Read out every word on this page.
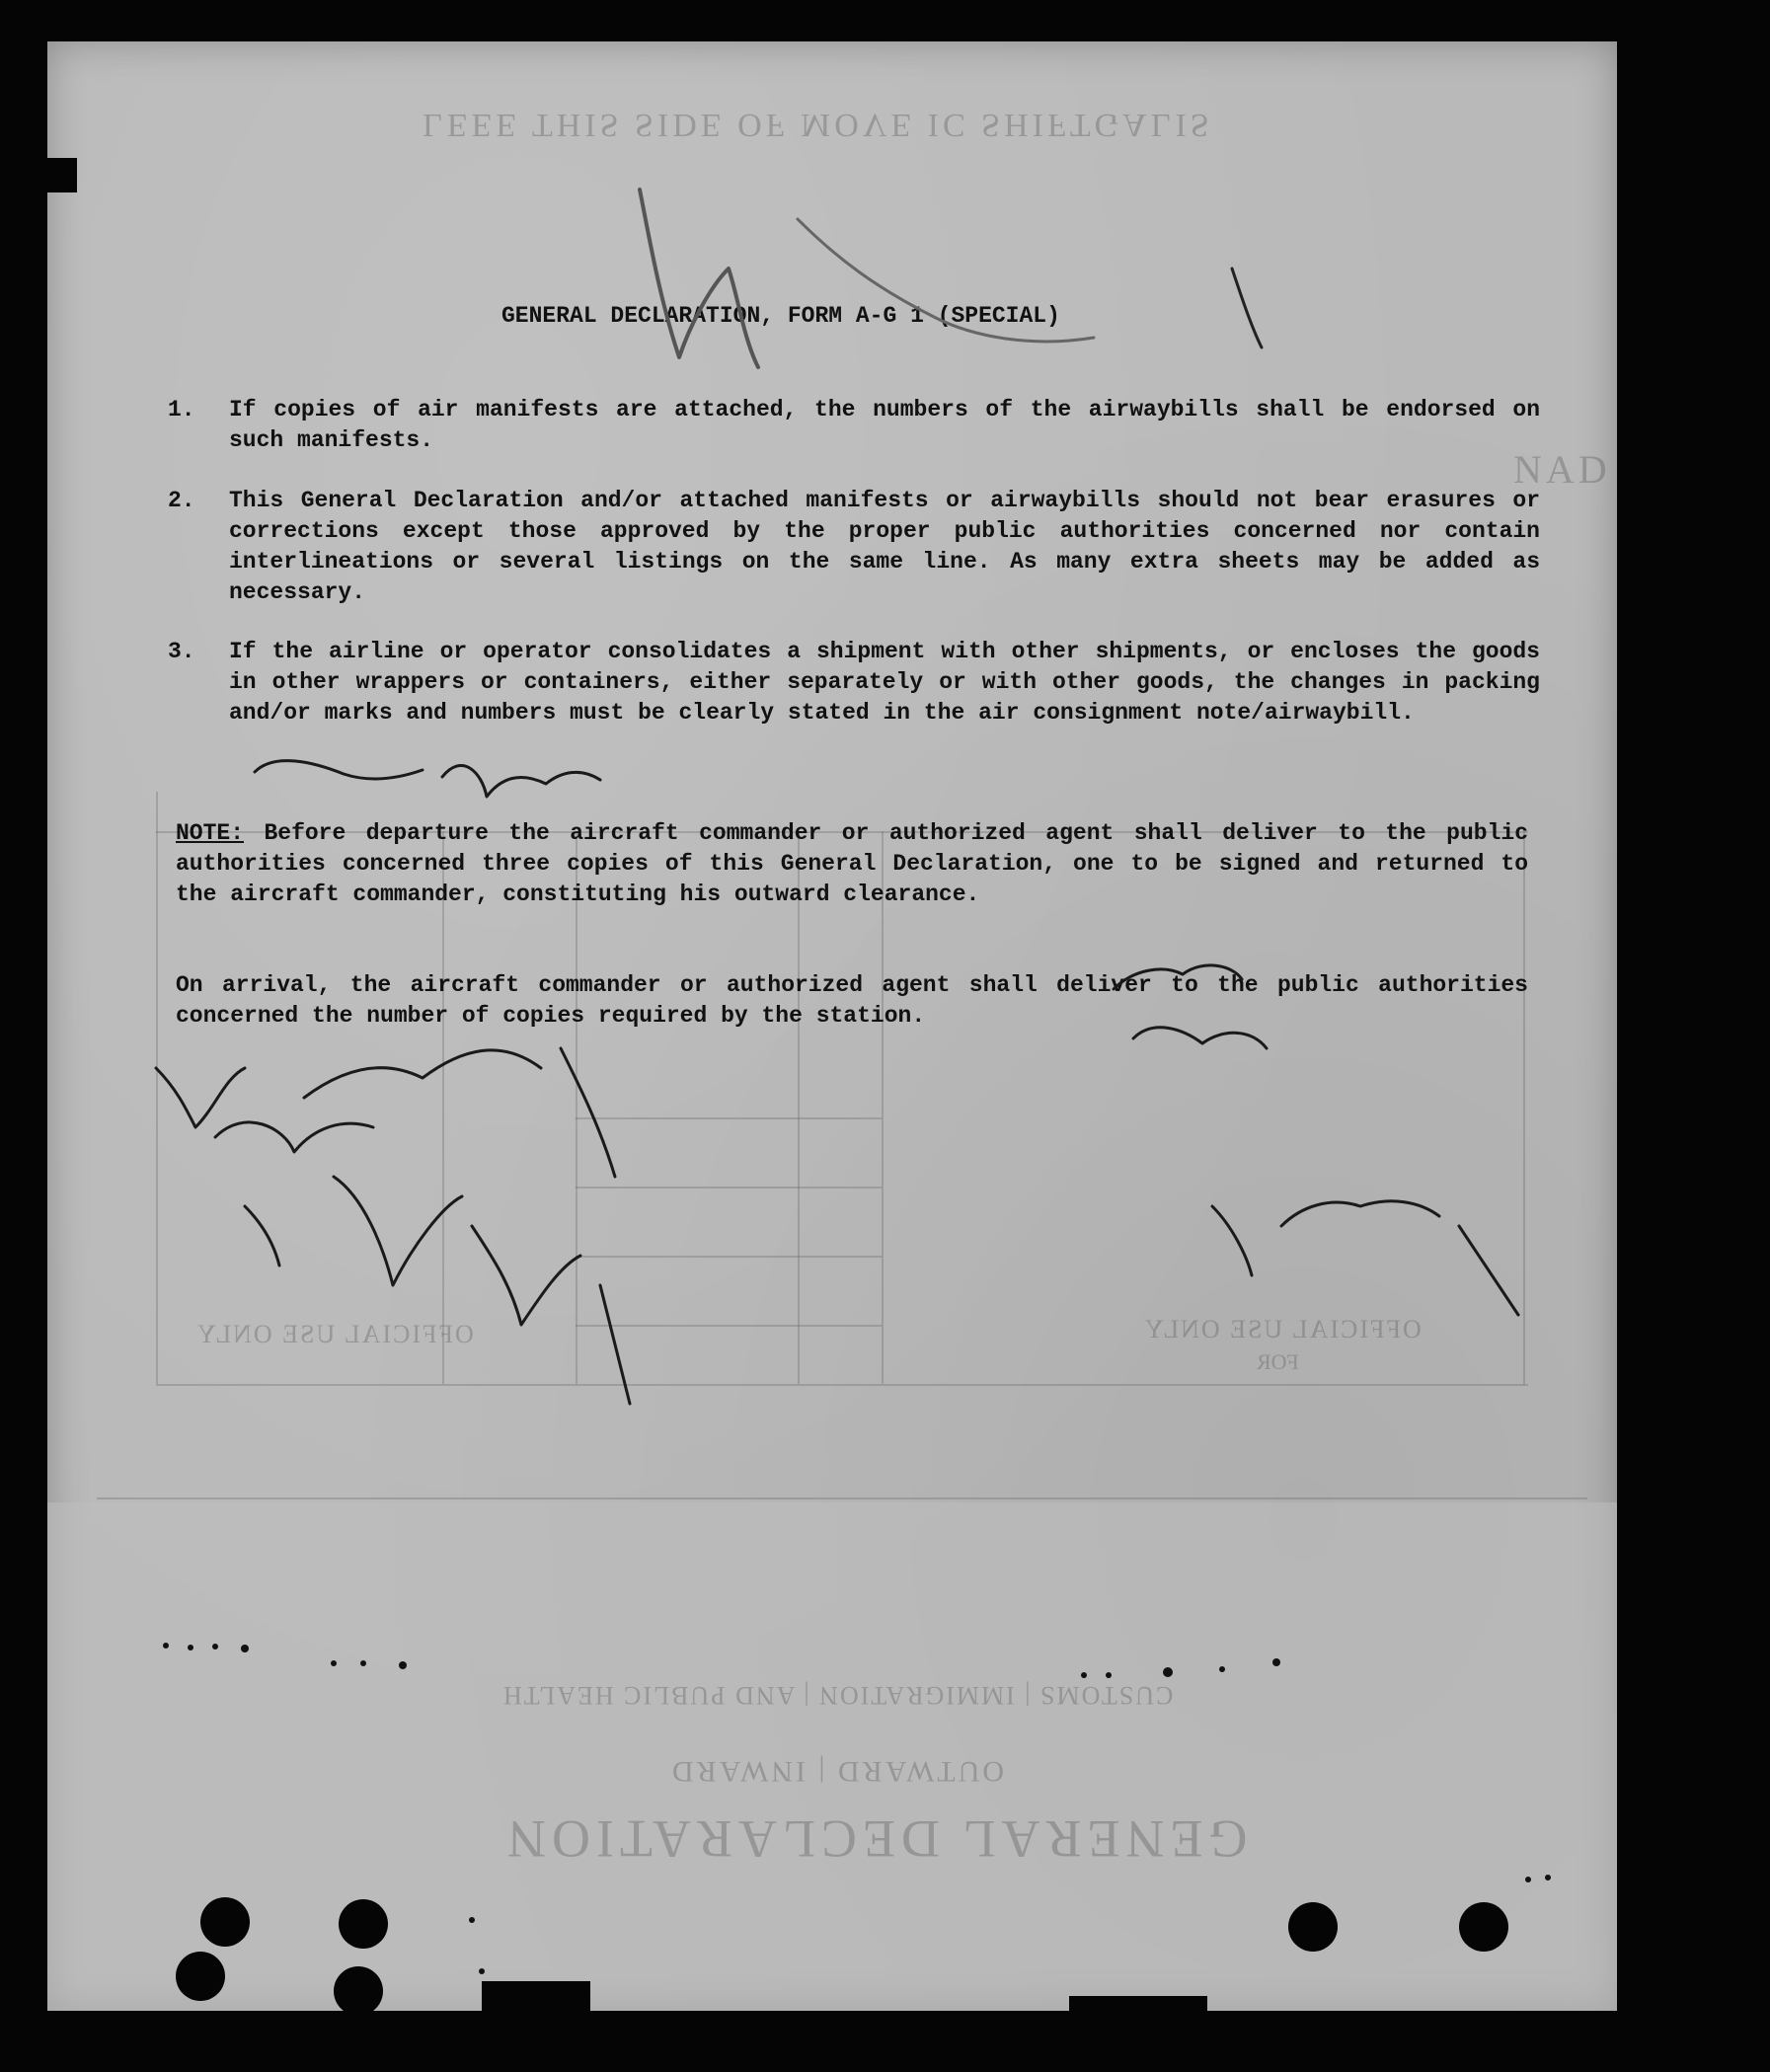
LEEE THIS SIDE OF MOVE IC SHIFTGALIS
NAD
OFFICIAL USE ONLY	OFFICIAL USE ONLY
FOR
CUSTOMS | IMMIGRATION | AND PUBLIC HEALTH
OUTWARD | INWARD
GENERAL DECLARATION
GENERAL DECLARATION, FORM A-G 1 (SPECIAL)
1. If copies of air manifests are attached, the numbers of the airwaybills shall be endorsed on such manifests.
2. This General Declaration and/or attached manifests or airwaybills should not bear erasures or corrections except those approved by the proper public authorities concerned nor contain interlineations or several listings on the same line. As many extra sheets may be added as necessary.
3. If the airline or operator consolidates a shipment with other shipments, or encloses the goods in other wrappers or containers, either separately or with other goods, the changes in packing and/or marks and numbers must be clearly stated in the air consignment note/airwaybill.
NOTE: Before departure the aircraft commander or authorized agent shall deliver to the public authorities concerned three copies of this General Declaration, one to be signed and returned to the aircraft commander, constituting his outward clearance.
On arrival, the aircraft commander or authorized agent shall deliver to the public authorities concerned the number of copies required by the station.
